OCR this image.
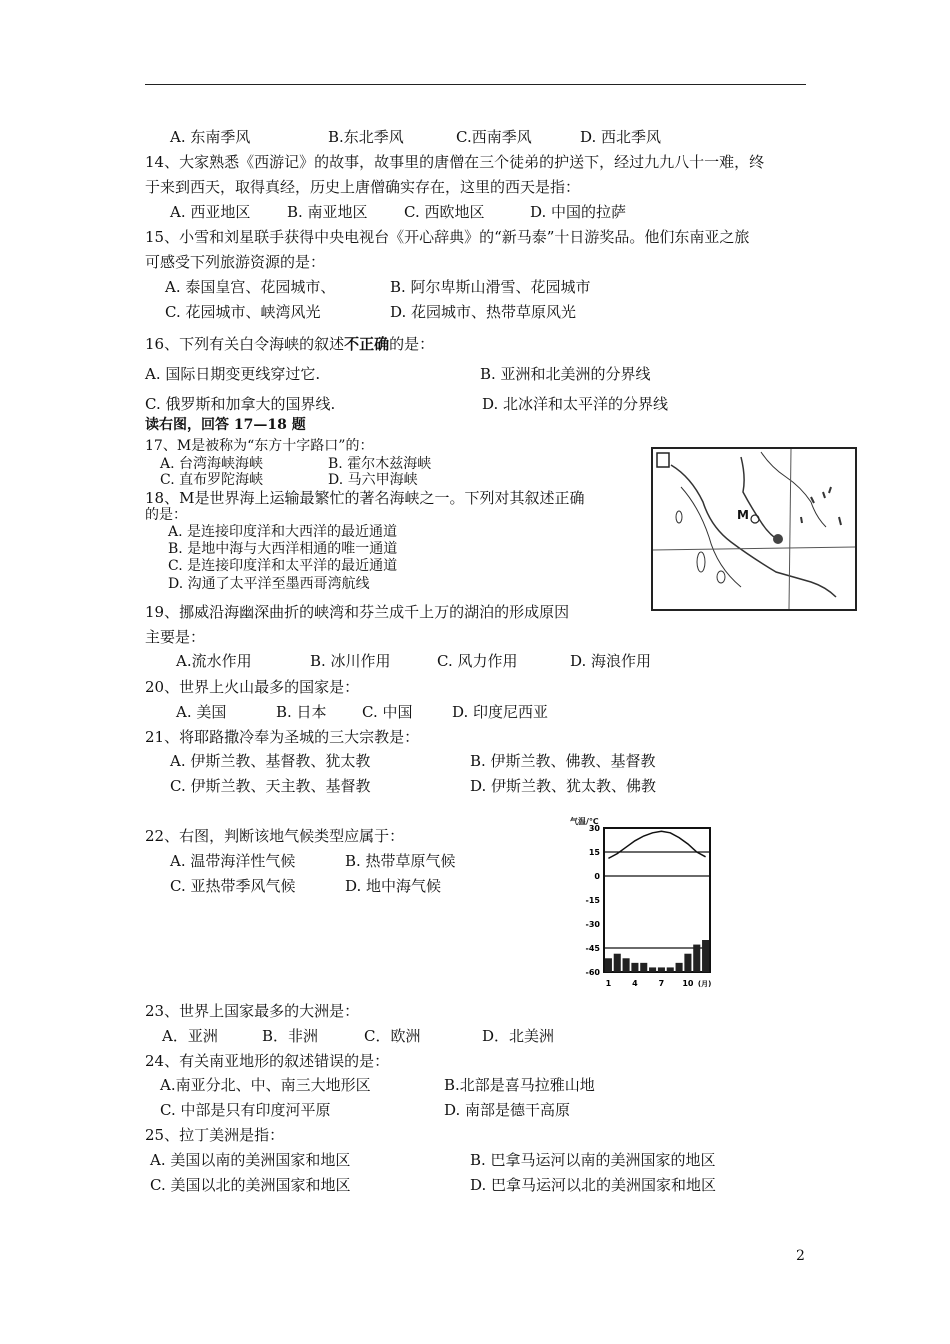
A. 东南季风	B.东北季风	C.西南季风	D. 西北季风
14、大家熟悉《西游记》的故事，故事里的唐僧在三个徒弟的护送下，经过九九八十一难，终
于来到西天，取得真经，历史上唐僧确实存在，这里的西天是指：
A. 西亚地区 B. 南亚地区 C. 西欧地区	D. 中国的拉萨
15、小雪和刘星联手获得中央电视台《开心辞典》的“新马泰”十日游奖品。他们东南亚之旅
可感受下列旅游资源的是：
A. 泰国皇宫、花园城市、	B. 阿尔卑斯山滑雪、花园城市
C. 花园城市、峡湾风光	D. 花园城市、热带草原风光
16、下列有关白令海峡的叙述不正确的是：
A. 国际日期变更线穿过它.	B. 亚洲和北美洲的分界线
C. 俄罗斯和加拿大的国界线.	D. 北冰洋和太平洋的分界线
读右图，回答 17—18 题
17、M是被称为“东方十字路口”的：
A. 台湾海峡海峡	B. 霍尔木兹海峡
C. 直布罗陀海峡	D. 马六甲海峡
18、M是世界海上运输最繁忙的著名海峡之一。下列对其叙述正确
的是：
A. 是连接印度洋和大西洋的最近通道
B. 是地中海与大西洋相通的唯一通道
C. 是连接印度洋和太平洋的最近通道
D. 沟通了太平洋至墨西哥湾航线
M
19、挪威沿海幽深曲折的峡湾和芬兰成千上万的湖泊的形成原因
主要是：
A.流水作用	B. 冰川作用	C. 风力作用	D. 海浪作用
20、世界上火山最多的国家是：
A. 美国	B. 日本 C. 中国	D. 印度尼西亚
21、将耶路撒冷奉为圣城的三大宗教是：
A. 伊斯兰教、基督教、犹太教	B. 伊斯兰教、佛教、基督教
C. 伊斯兰教、天主教、基督教	D. 伊斯兰教、犹太教、佛教
22、右图，判断该地气候类型应属于：
A. 温带海洋性气候	B. 热带草原气候
C. 亚热带季风气候	D. 地中海气候
气温/℃
30
15
0
-15
-30
-45
-60
1	4	7 10 (月)
23、世界上国家最多的大洲是：
A．亚洲	B．非洲	C．欧洲	D．北美洲
24、有关南亚地形的叙述错误的是：
A.南亚分北、中、南三大地形区	B.北部是喜马拉雅山地
C. 中部是只有印度河平原	D. 南部是德干高原
25、拉丁美洲是指：
A. 美国以南的美洲国家和地区	B. 巴拿马运河以南的美洲国家的地区
C. 美国以北的美洲国家和地区	D. 巴拿马运河以北的美洲国家和地区
2
